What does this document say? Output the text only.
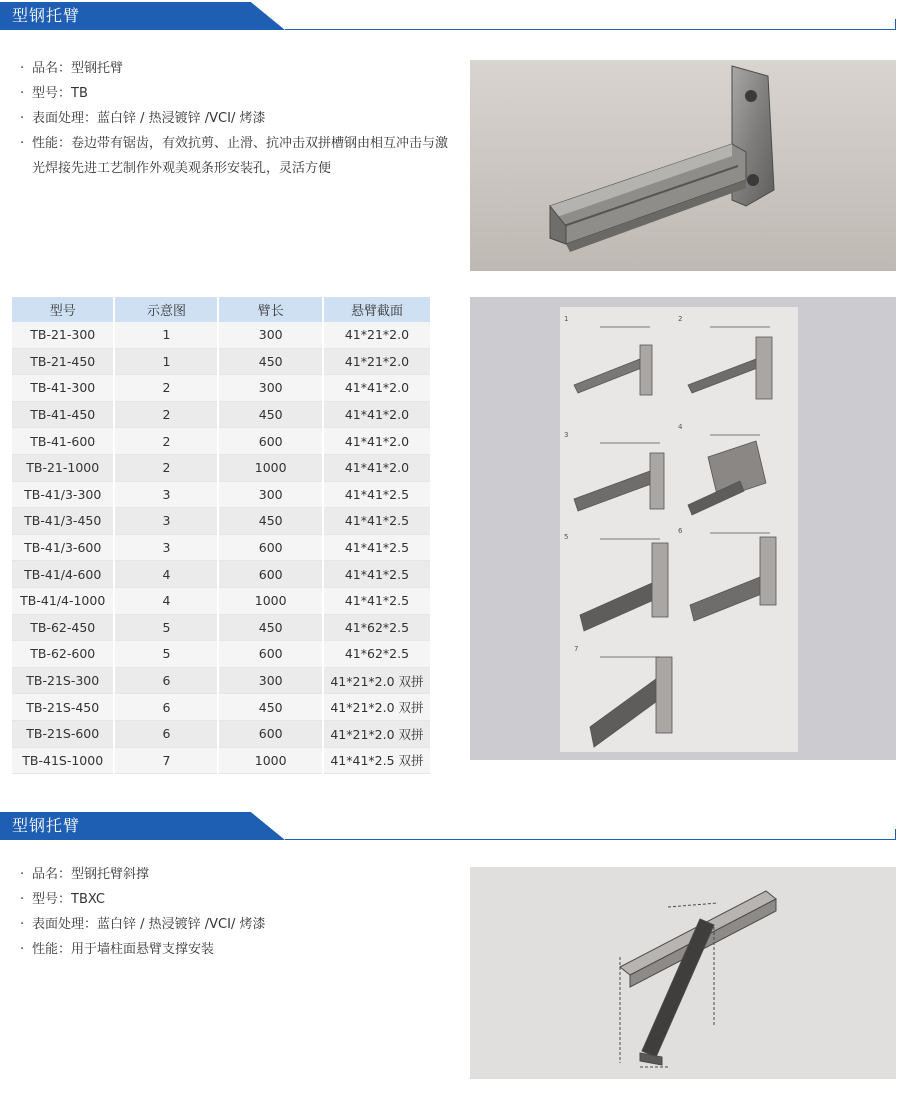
型钢托臂
· 品名：型钢托臂
· 型号：TB
· 表面处理：蓝白锌 / 热浸镀锌 /VCI/ 烤漆
· 性能：卷边带有锯齿，有效抗剪、止滑、抗冲击双拼槽钢由相互冲击与激光焊接先进工艺制作外观美观条形安装孔，灵活方便
型号	示意图	臂长	悬臂截面
TB-21-300	1	300	41*21*2.0
TB-21-450	1	450	41*21*2.0
TB-41-300	2	300	41*41*2.0
TB-41-450	2	450	41*41*2.0
TB-41-600	2	600	41*41*2.0
TB-21-1000	2	1000	41*41*2.0
TB-41/3-300	3	300	41*41*2.5
TB-41/3-450	3	450	41*41*2.5
TB-41/3-600	3	600	41*41*2.5
TB-41/4-600	4	600	41*41*2.5
TB-41/4-1000	4	1000	41*41*2.5
TB-62-450	5	450	41*62*2.5
TB-62-600	5	600	41*62*2.5
TB-21S-300	6	300	41*21*2.0 双拼
TB-21S-450	6	450	41*21*2.0 双拼
TB-21S-600	6	600	41*21*2.0 双拼
TB-41S-1000	7	1000	41*41*2.5 双拼
1	2
3
4
5
6
7
型钢托臂
· 品名：型钢托臂斜撑
· 型号：TBXC
· 表面处理：蓝白锌 / 热浸镀锌 /VCI/ 烤漆
· 性能：用于墙柱面悬臂支撑安装
